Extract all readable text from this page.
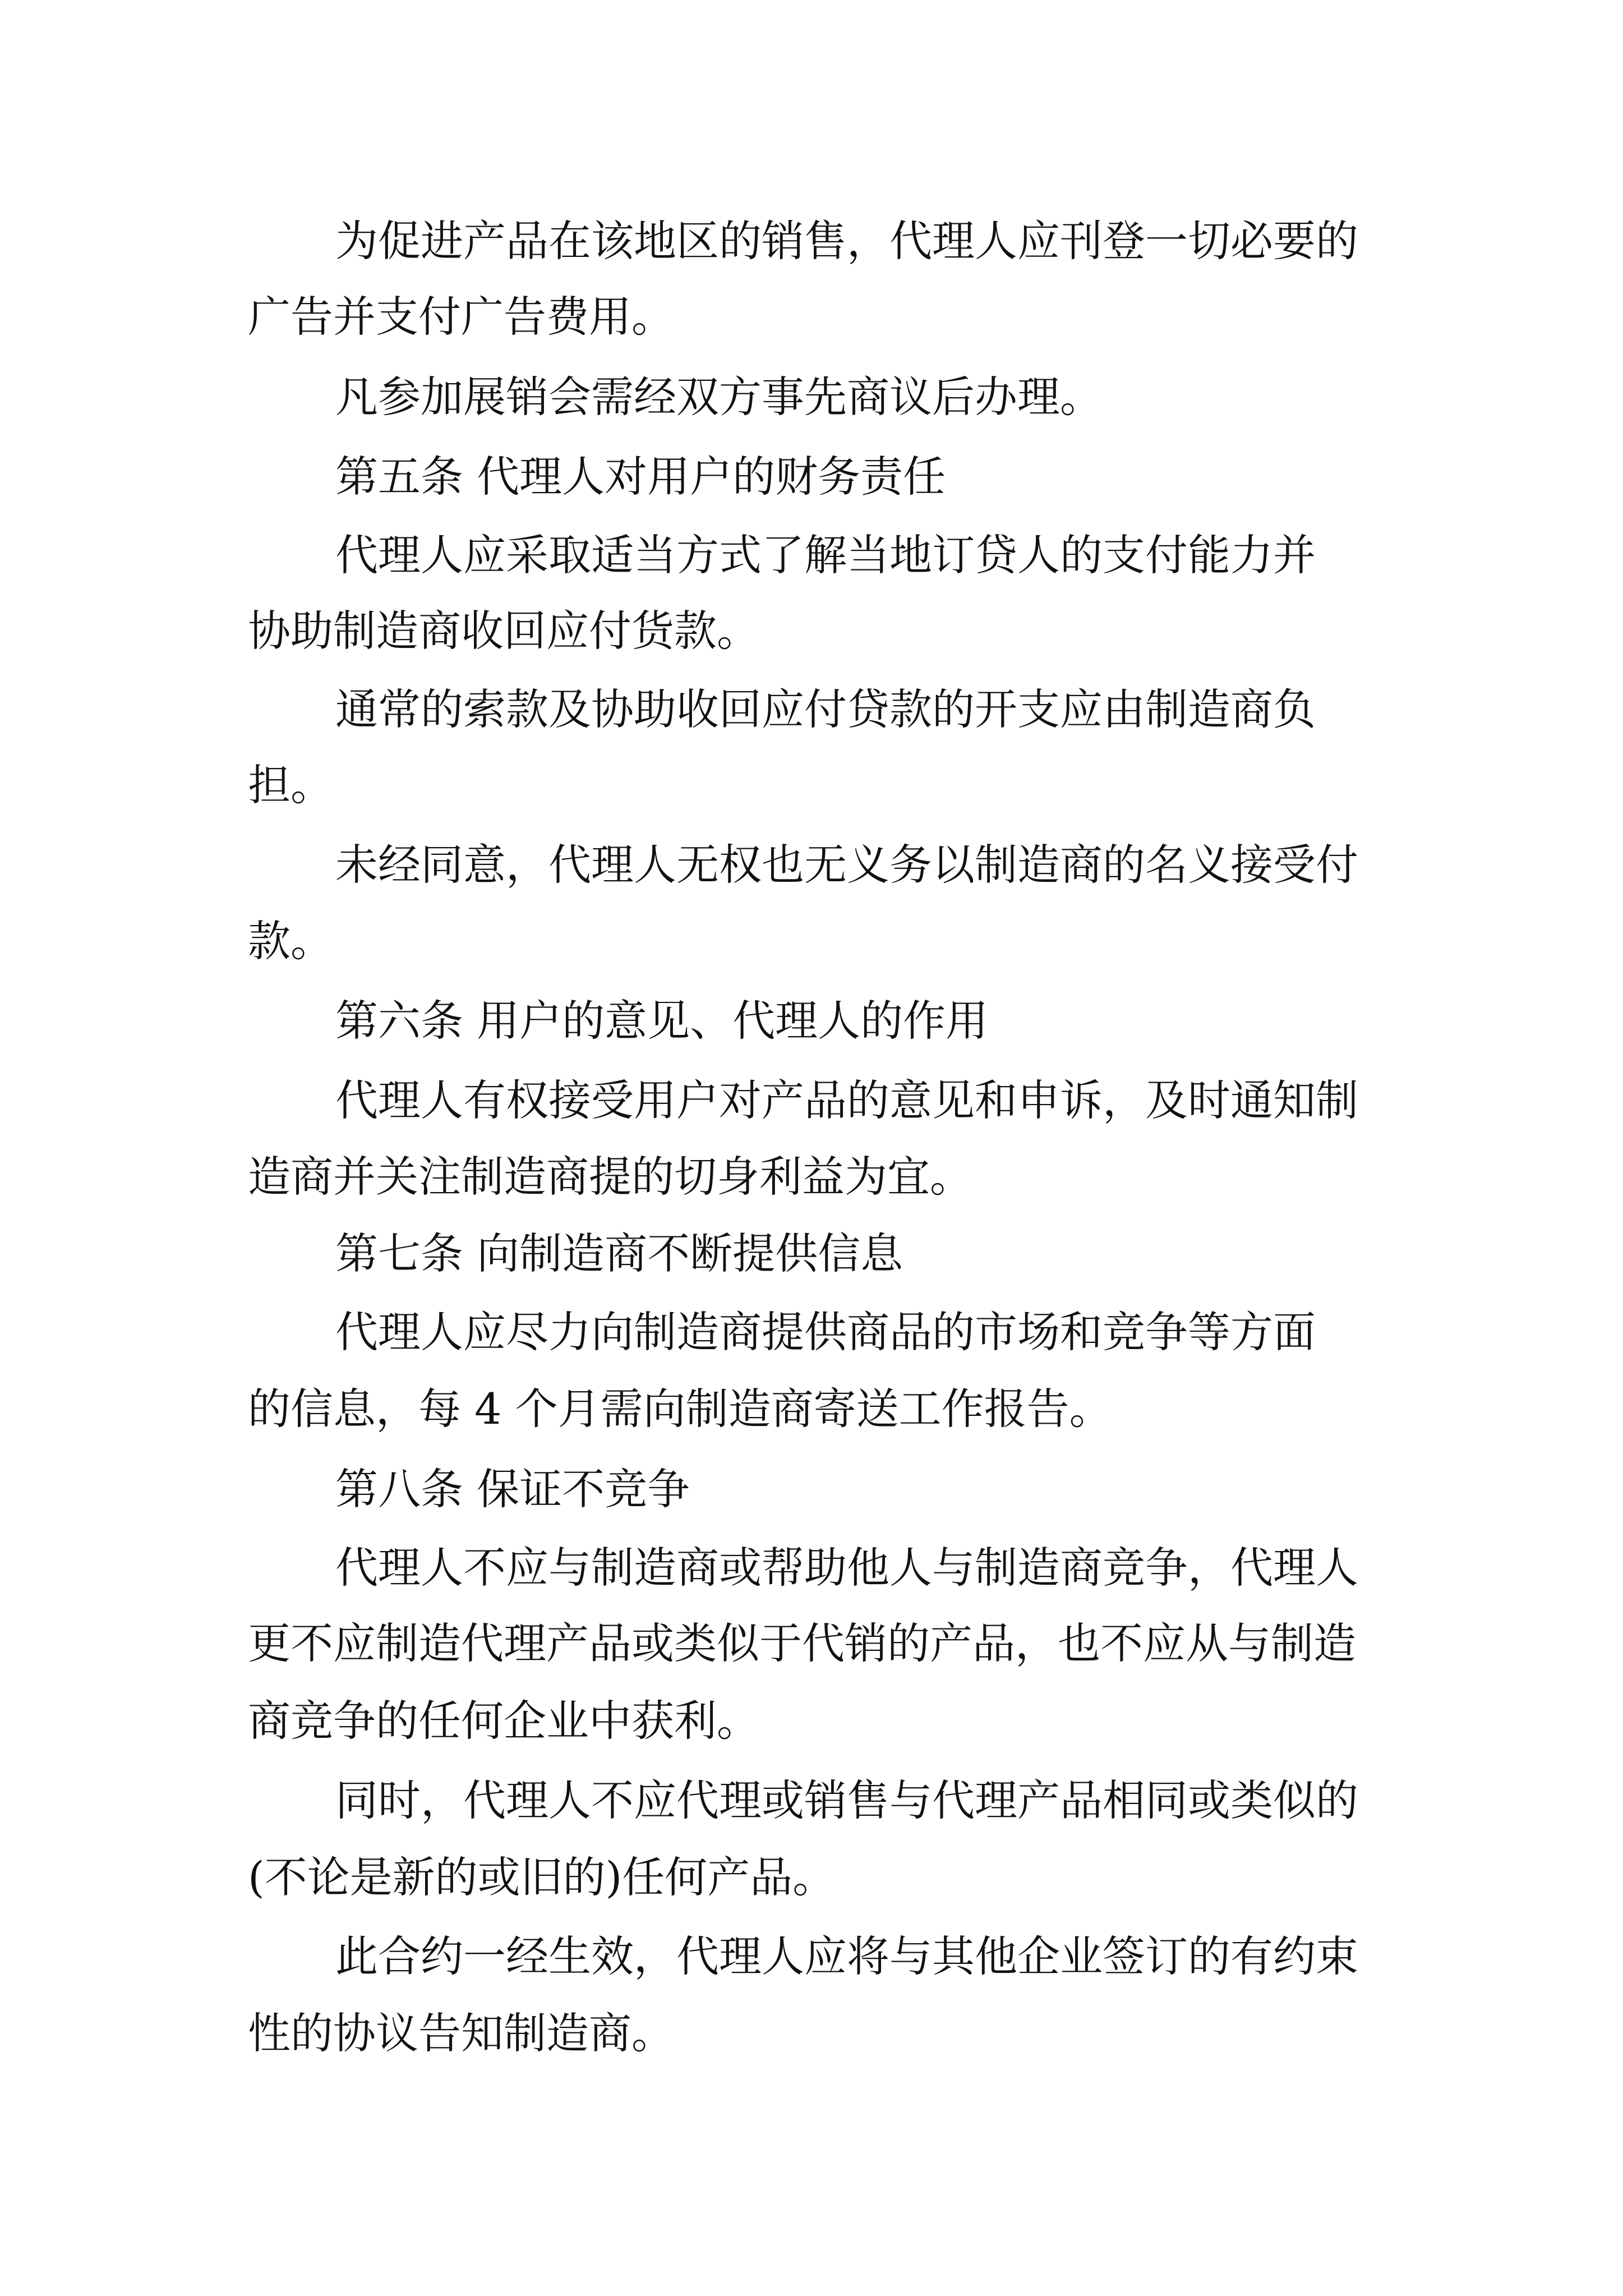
为促进产品在该地区的销售，代理人应刊登一切必要的

广告并支付广告费用。

凡参加展销会需经双方事先商议后办理。

第五条 代理人对用户的财务责任

代理人应采取适当方式了解当地订贷人的支付能力并

协助制造商收回应付货款。

通常的索款及协助收回应付贷款的开支应由制造商负

担。

未经同意，代理人无权也无义务以制造商的名义接受付

款。

第六条 用户的意见、代理人的作用

代理人有权接受用户对产品的意见和申诉，及时通知制

造商并关注制造商提的切身利益为宜。

第七条 向制造商不断提供信息

代理人应尽力向制造商提供商品的市场和竞争等方面

的信息，每 4 个月需向制造商寄送工作报告。

第八条 保证不竞争

代理人不应与制造商或帮助他人与制造商竞争，代理人

更不应制造代理产品或类似于代销的产品，也不应从与制造

商竞争的任何企业中获利。

同时，代理人不应代理或销售与代理产品相同或类似的

(不论是新的或旧的)任何产品。

此合约一经生效，代理人应将与其他企业签订的有约束

性的协议告知制造商。
